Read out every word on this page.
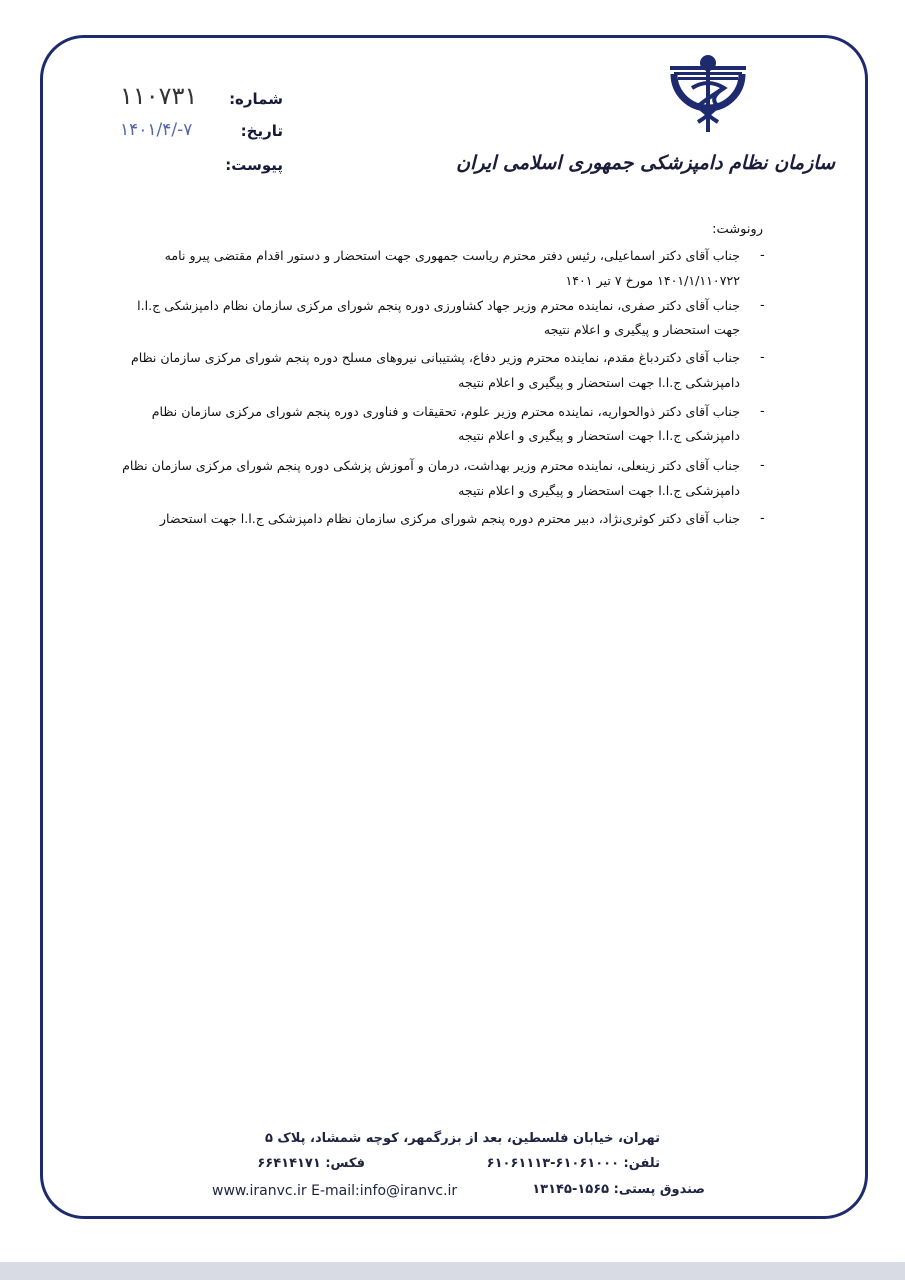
سازمان نظام دامپزشکی جمهوری اسلامی ایران
شماره:
۱۱۰۷۳۱
تاریخ:
۱۴۰۱/۴/-۷
پیوست:
رونوشت:
-
جناب آقای دکتر اسماعیلی، رئیس دفتر محترم ریاست جمهوری جهت استحضار و دستور اقدام مقتضی پیرو نامه
۱۴۰۱/۱/۱۱۰۷۲۲ مورخ ۷ تیر ۱۴۰۱
-
جناب آقای دکتر صفری، نماینده محترم وزیر جهاد کشاورزی دوره پنجم شورای مرکزی سازمان نظام دامپزشکی ج.ا.ا
جهت استحضار و پیگیری و اعلام نتیجه
-
جناب آقای دکتردباغ مقدم، نماینده محترم وزیر دفاع، پشتیبانی نیروهای مسلح دوره پنجم شورای مرکزی سازمان نظام
دامپزشکی ج.ا.ا جهت استحضار و پیگیری و اعلام نتیجه
-
جناب آقای دکتر ذوالحواریه، نماینده محترم وزیر علوم، تحقیقات و فناوری دوره پنجم شورای مرکزی سازمان نظام
دامپزشکی ج.ا.ا جهت استحضار و پیگیری و اعلام نتیجه
-
جناب آقای دکتر زینعلی، نماینده محترم وزیر بهداشت، درمان و آموزش پزشکی دوره پنجم شورای مرکزی سازمان نظام
دامپزشکی ج.ا.ا جهت استحضار و پیگیری و اعلام نتیجه
-
جناب آقای دکتر کوثری‌نژاد، دبیر محترم دوره پنجم شورای مرکزی سازمان نظام دامپزشکی ج.ا.ا جهت استحضار
تهران، خیابان فلسطین، بعد از بزرگمهر، کوچه شمشاد، پلاک ۵
تلفن: ۶۱۰۶۱۰۰۰-۶۱۰۶۱۱۱۳
فکس: ۶۶۴۱۴۱۷۱
صندوق پستی: ۱۵۶۵-۱۳۱۴۵
www.iranvc.ir E-mail:info@iranvc.ir
